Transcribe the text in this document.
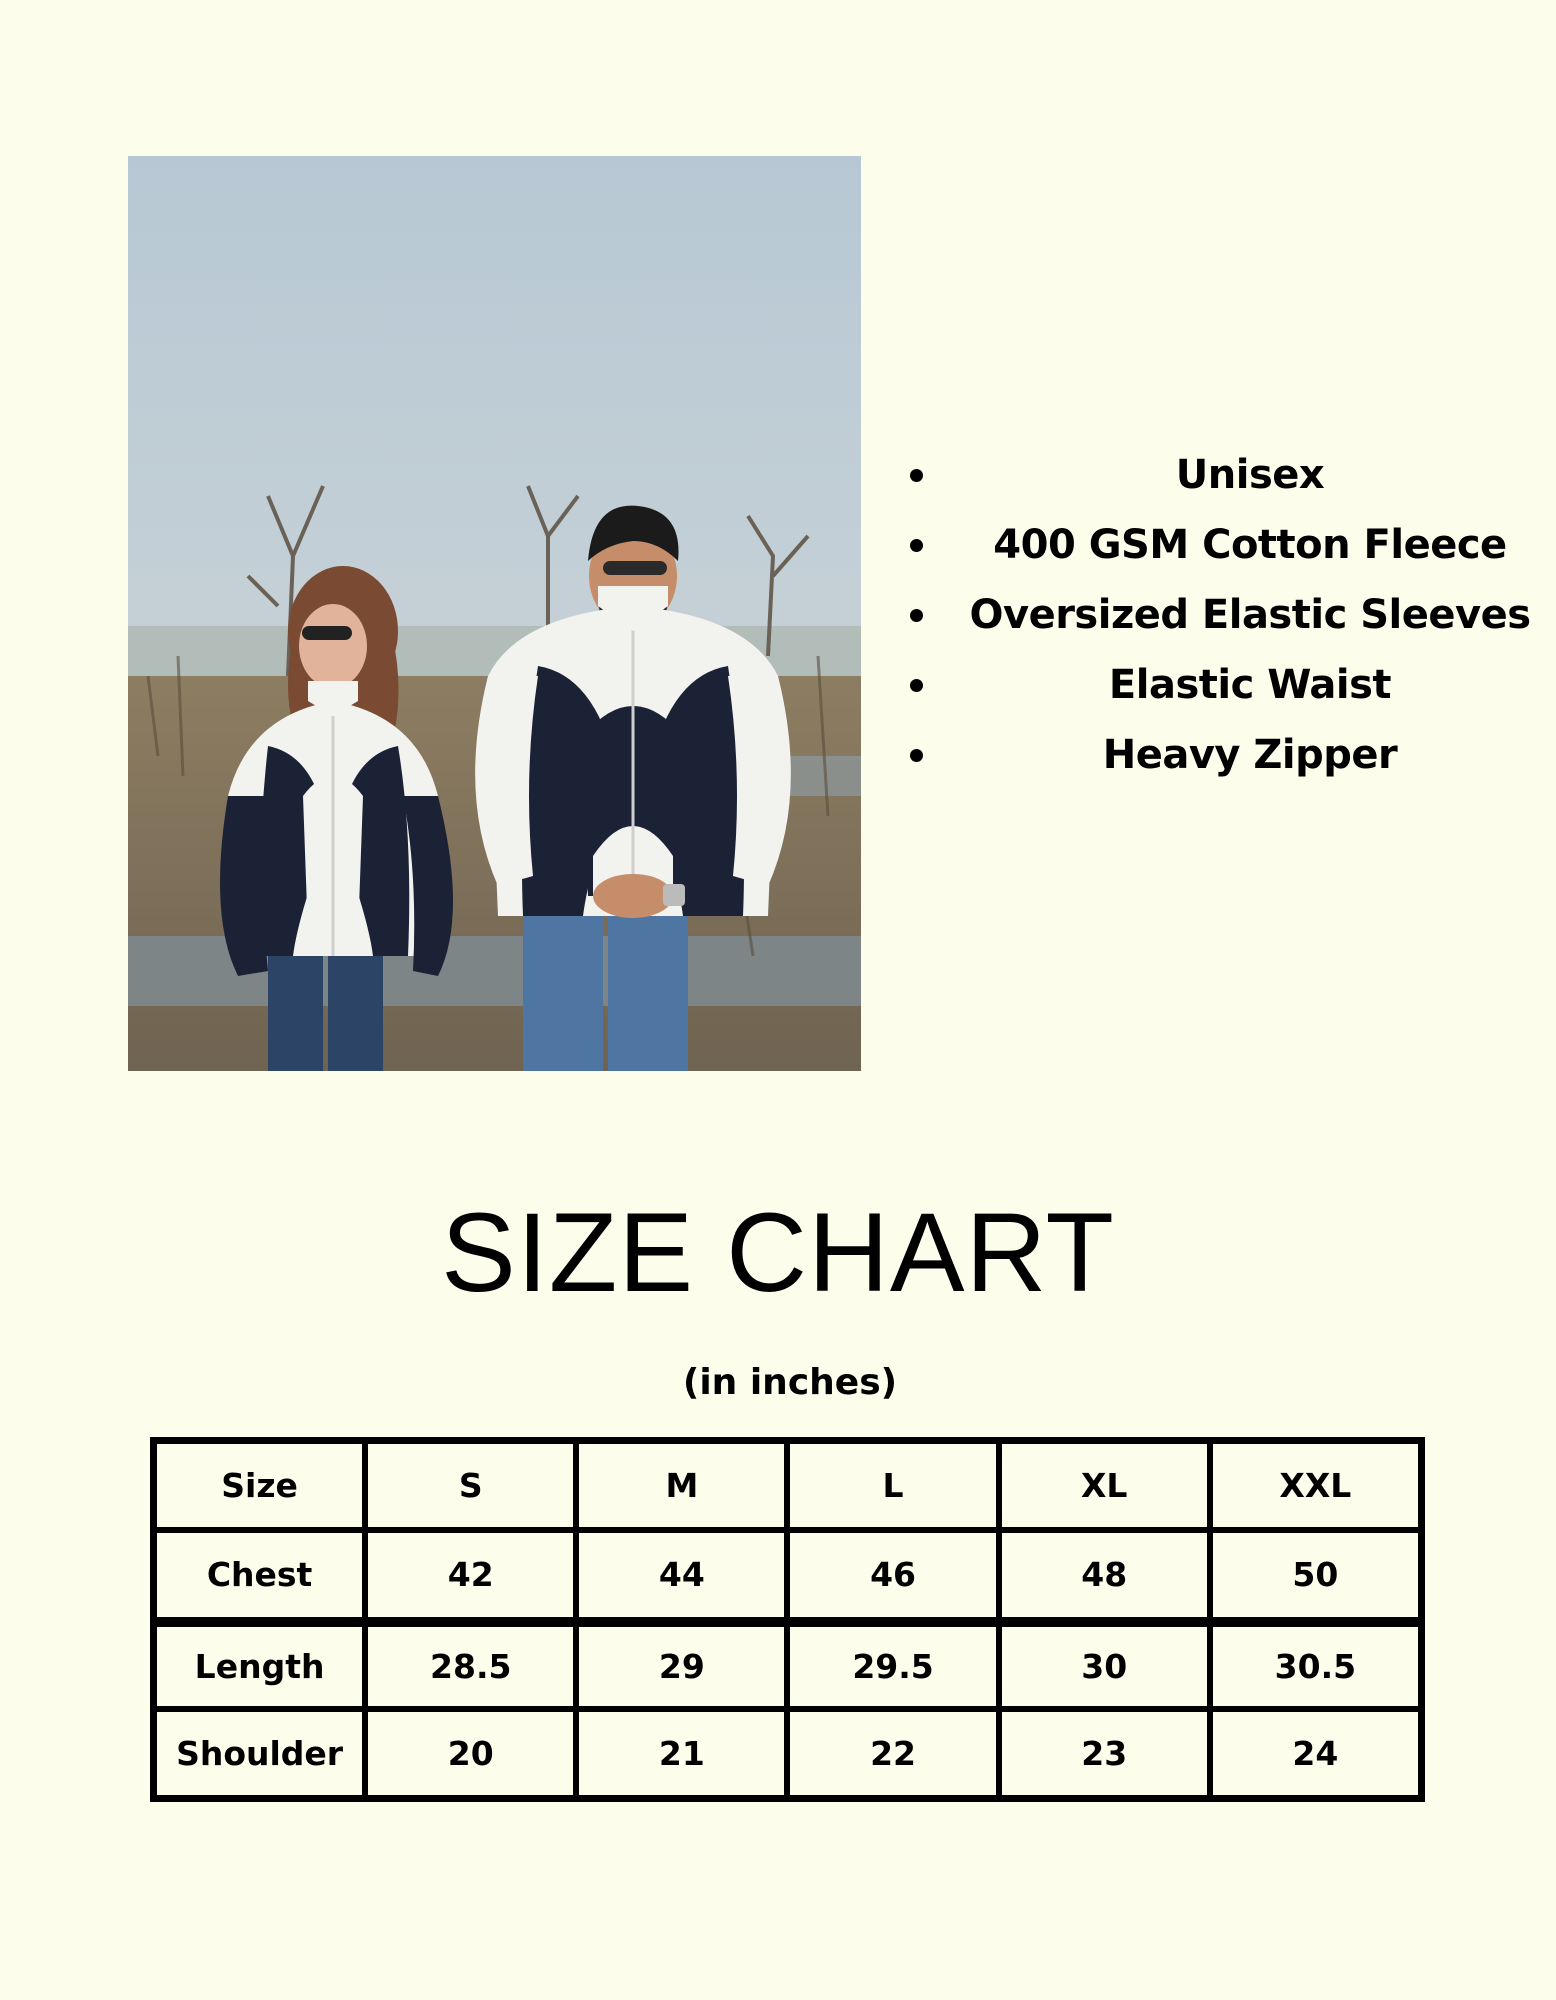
Unisex
400 GSM Cotton Fleece
Oversized Elastic Sleeves
Elastic Waist
Heavy Zipper
SIZE CHART
(in inches)
Size	S	M	L	XL	XXL
Chest	42	44	46	48	50
Length	28.5	29	29.5	30	30.5
Shoulder	20	21	22	23	24
